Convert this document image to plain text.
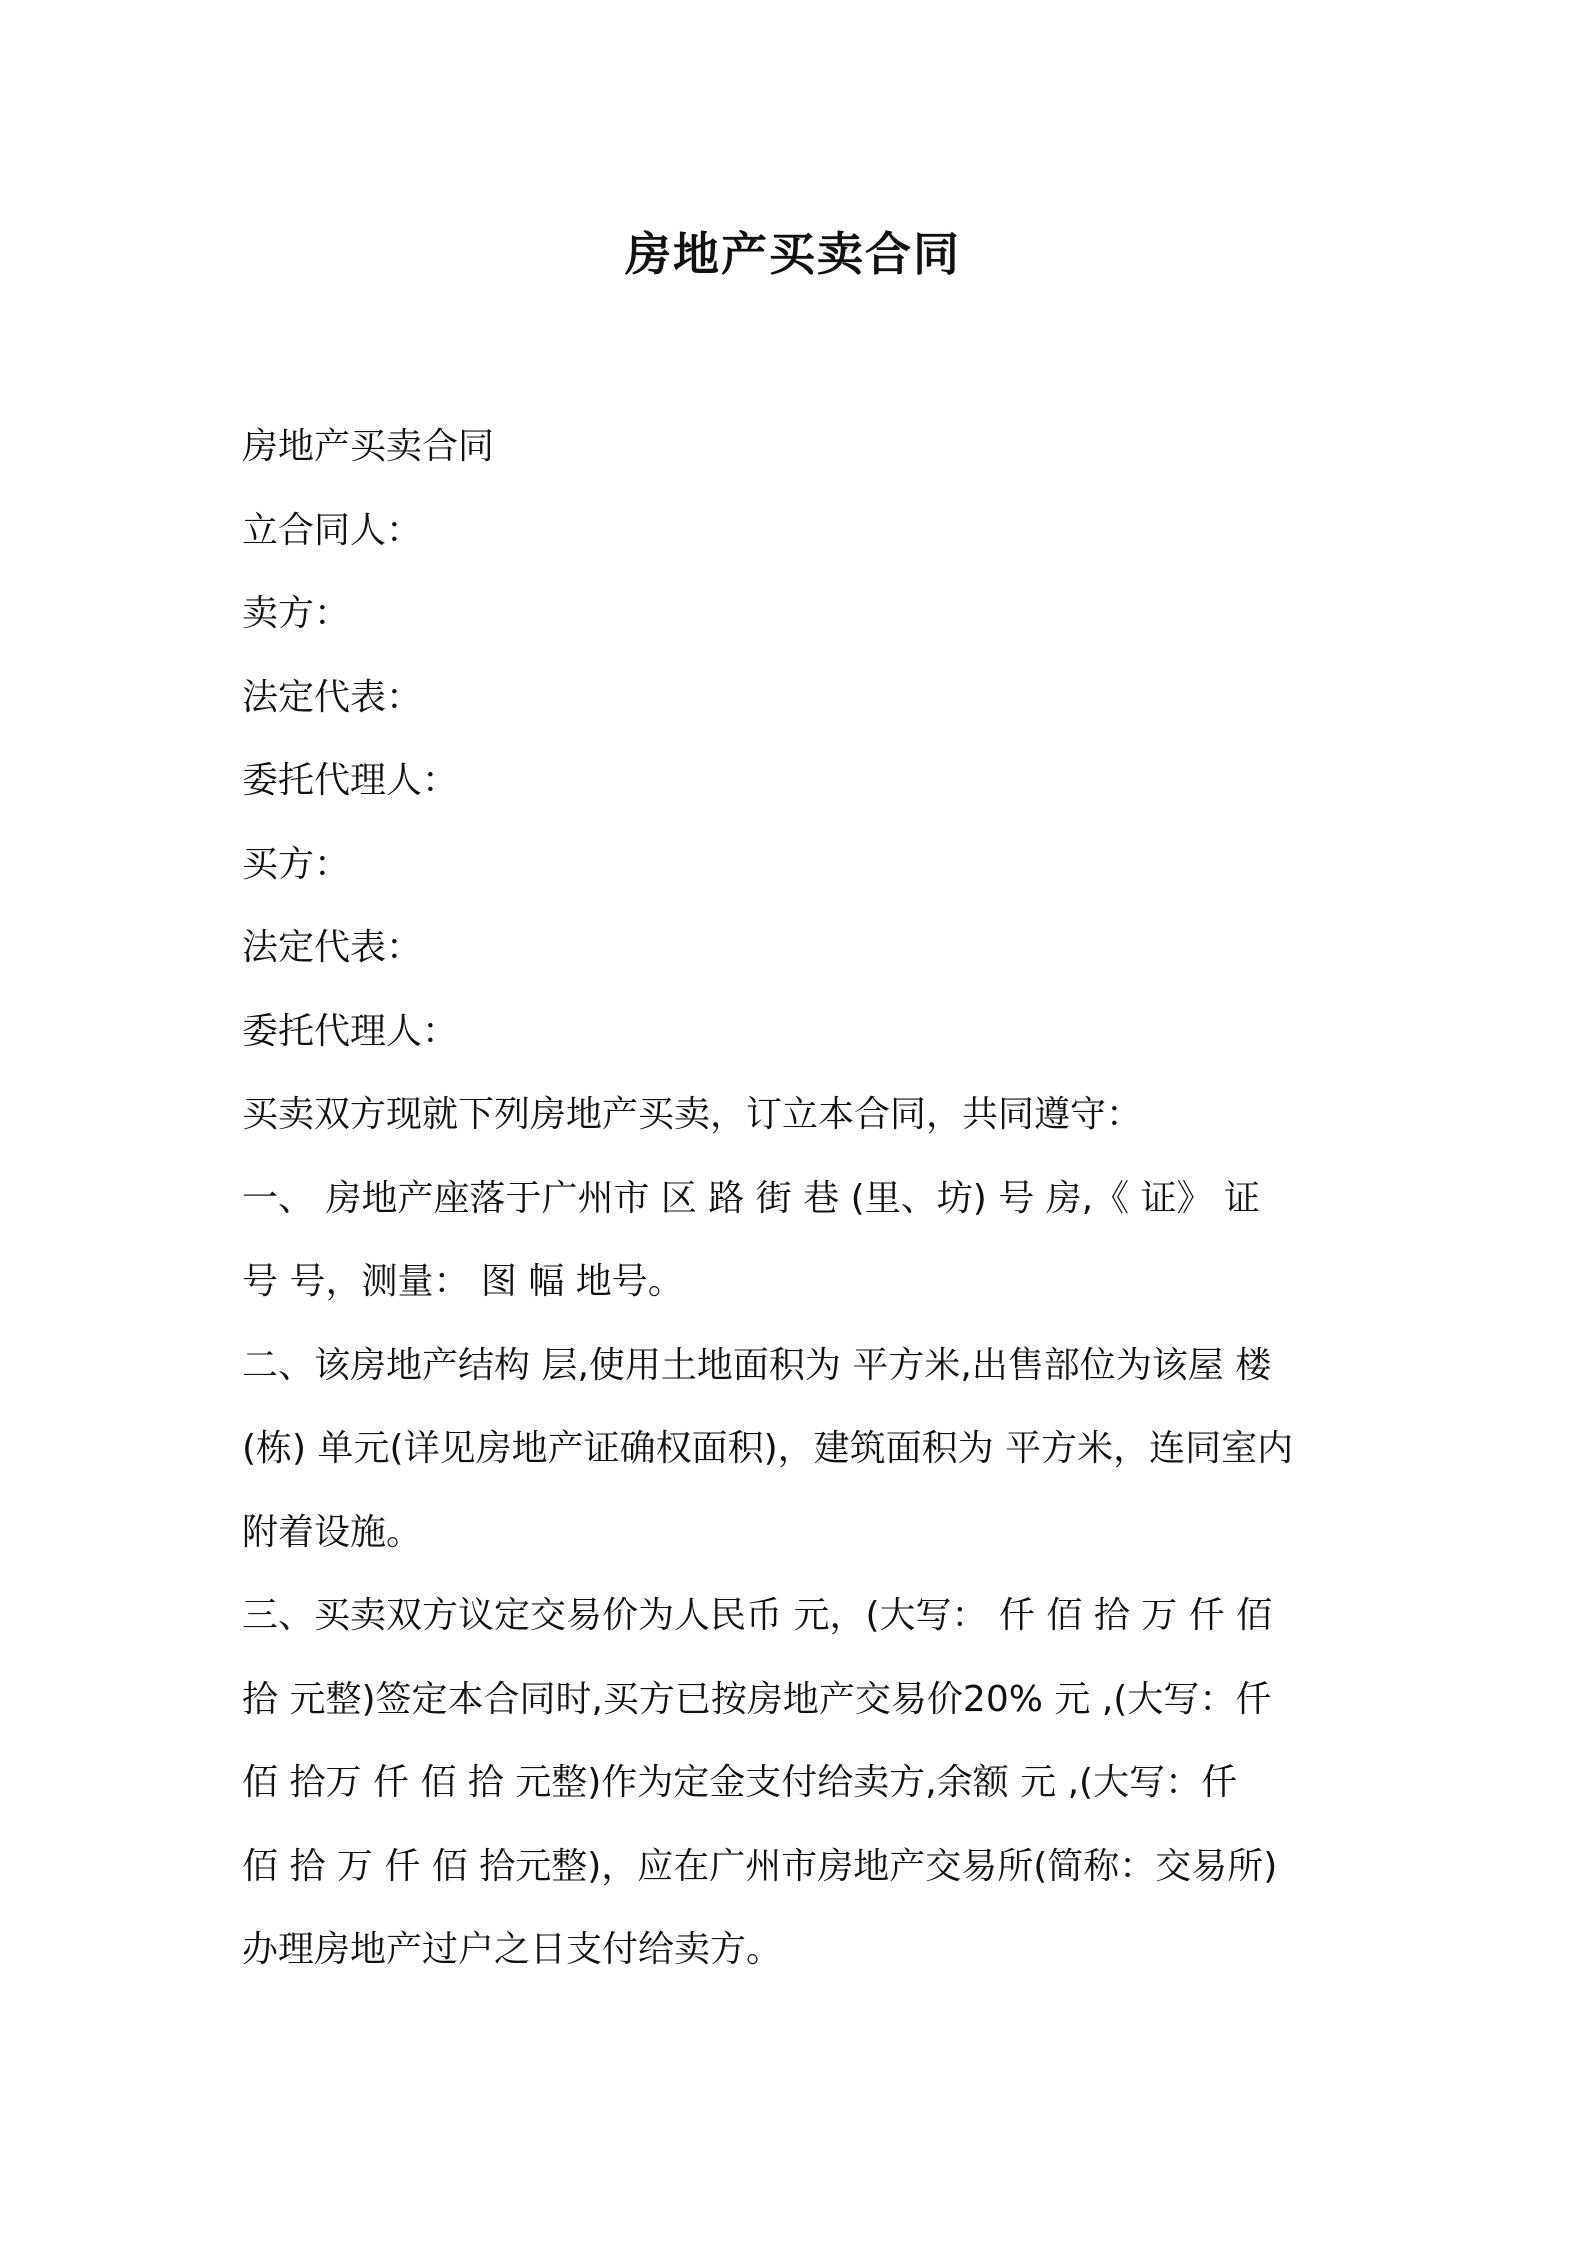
房地产买卖合同
房地产买卖合同
立合同人：
卖方：
法定代表：
委托代理人：
买方：
法定代表：
委托代理人：
买卖双方现就下列房地产买卖，订立本合同，共同遵守：
一、 房地产座落于广州市 区 路 街 巷 (里、坊) 号 房,《 证》 证
号 号，测量： 图 幅 地号。
二、该房地产结构 层,使用土地面积为 平方米,出售部位为该屋 楼
(栋) 单元(详见房地产证确权面积)，建筑面积为 平方米，连同室内
附着设施。
三、买卖双方议定交易价为人民币 元，(大写： 仟 佰 拾 万 仟 佰
拾 元整)签定本合同时,买方已按房地产交易价20% 元 ,(大写：仟
佰 拾万 仟 佰 拾 元整)作为定金支付给卖方,余额 元 ,(大写：仟
佰 拾 万 仟 佰 拾元整)，应在广州市房地产交易所(简称：交易所)
办理房地产过户之日支付给卖方。
